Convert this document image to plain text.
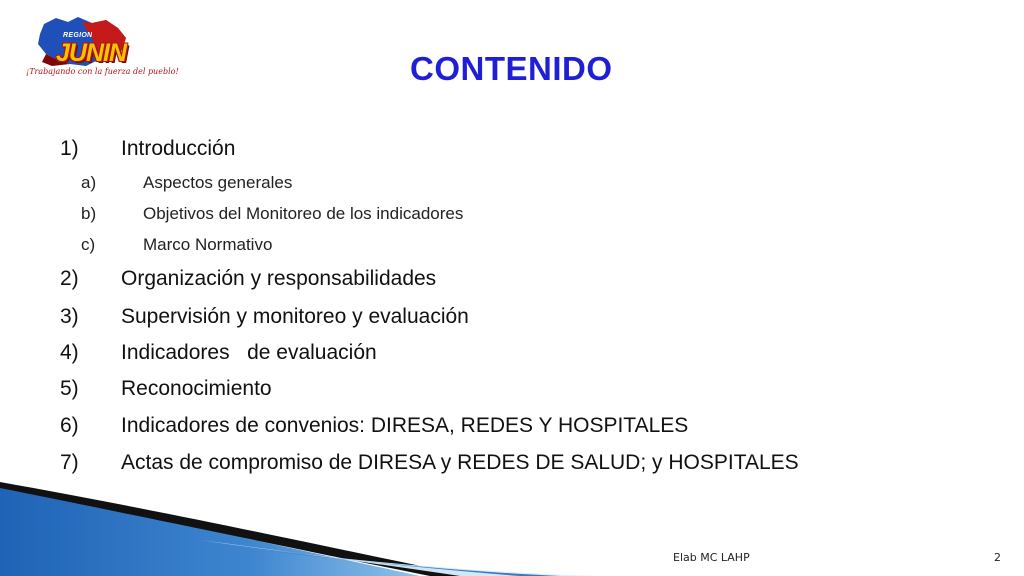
REGION
JUNIN
¡Trabajando con la fuerza del pueblo!	CONTENIDO
1) Introducción
a)	Aspectos generales
b)	Objetivos del Monitoreo de los indicadores
c)	Marco Normativo
2) Organización y responsabilidades
3) Supervisión y monitoreo y evaluación
4) Indicadores   de evaluación
5) Reconocimiento
6) Indicadores de convenios: DIRESA, REDES Y HOSPITALES
7) Actas de compromiso de DIRESA y REDES DE SALUD; y HOSPITALES
Elab MC LAHP	2
